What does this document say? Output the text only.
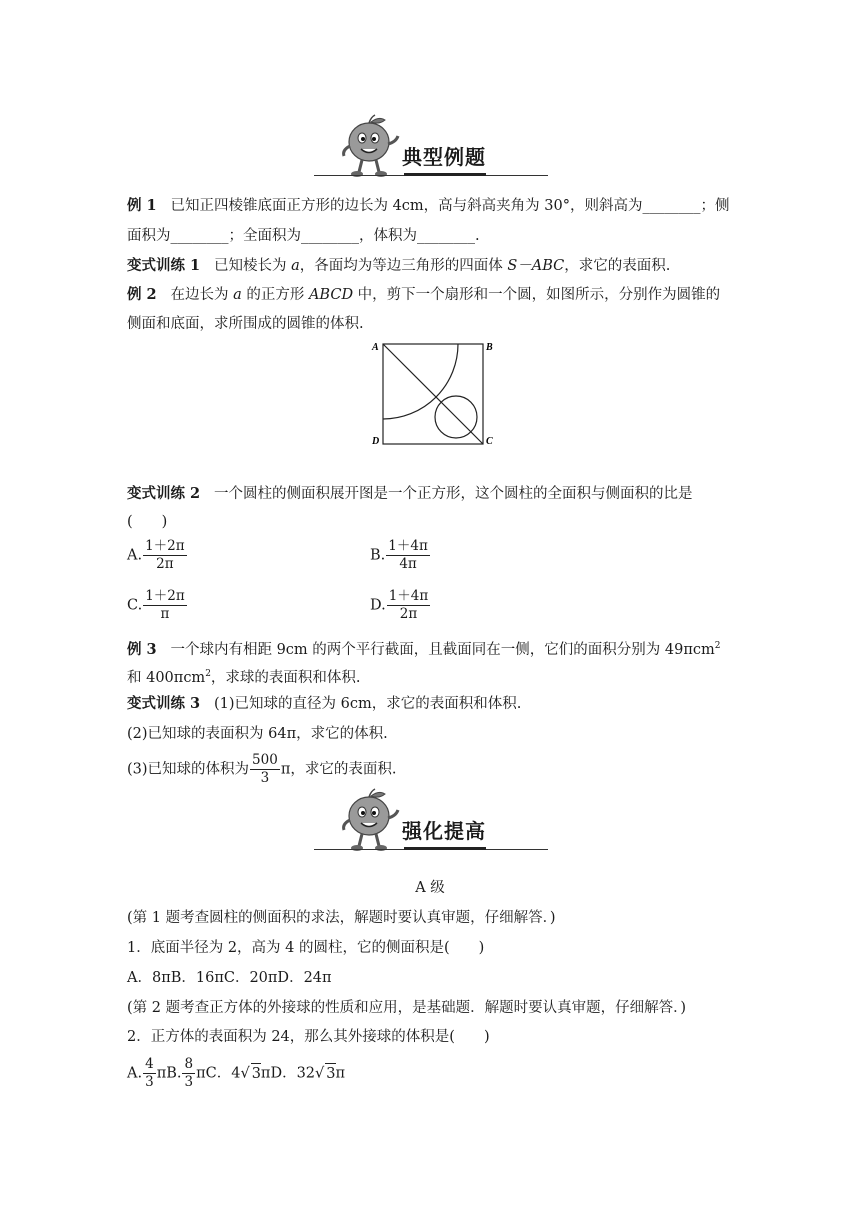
典型例题
例 1 已知正四棱锥底面正方形的边长为 4cm，高与斜高夹角为 30°，则斜高为________；侧
面积为________；全面积为________，体积为________.
变式训练 1 已知棱长为 a，各面均为等边三角形的四面体 S－ABC，求它的表面积.
例 2 在边长为 a 的正方形 ABCD 中，剪下一个扇形和一个圆，如图所示，分别作为圆锥的
侧面和底面，求所围成的圆锥的体积.
A	B
C
D
变式训练 2 一个圆柱的侧面积展开图是一个正方形，这个圆柱的全面积与侧面积的比是
(　　)
A. $\frac{1+2\pi}{2\pi}$	B. $\frac{1+4\pi}{4\pi}$
C. $\frac{1+2\pi}{\pi}$	D. $\frac{1+4\pi}{2\pi}$
例 3 一个球内有相距 9cm 的两个平行截面，且截面同在一侧，它们的面积分别为 49πcm$^2$
和 400πcm$^2$，求球的表面积和体积.
变式训练 3 (1)已知球的直径为 6cm，求它的表面积和体积.
(2)已知球的表面积为 64π，求它的体积.
(3)已知球的体积为 $\frac{500}{3}$ π，求它的表面积.
强化提高
A 级
(第 1 题考查圆柱的侧面积的求法，解题时要认真审题，仔细解答．)
1．底面半径为 2，高为 4 的圆柱，它的侧面积是(　　)
A．8πB．16πC．20πD．24π
(第 2 题考查正方体的外接球的性质和应用，是基础题．解题时要认真审题，仔细解答．)
2．正方体的表面积为 24，那么其外接球的体积是(　　)
A. $\frac{4}{3} \pi B$. $\frac{8}{3}$ πC．4√ 3πD．32√ 3π
